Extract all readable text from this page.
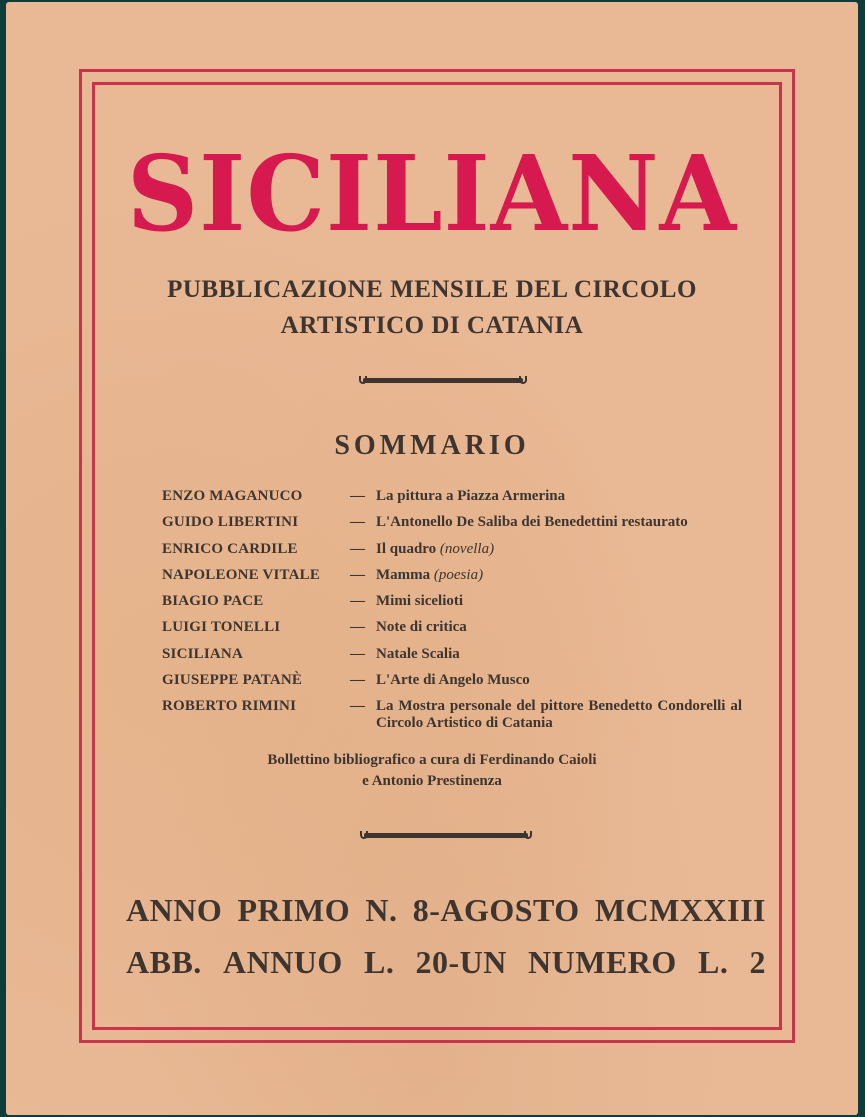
SICILIANA
PUBBLICAZIONE MENSILE DEL CIRCOLO
ARTISTICO DI CATANIA
SOMMARIO
ENZO MAGANUCO	— La pittura a Piazza Armerina
GUIDO LIBERTINI	— L'Antonello De Saliba dei Benedettini restaurato
ENRICO CARDILE	— Il quadro (novella)
NAPOLEONE VITALE	— Mamma (poesia)
BIAGIO PACE	— Mimi sicelioti
LUIGI TONELLI	— Note di critica
SICILIANA	— Natale Scalia
GIUSEPPE PATANÈ	— L'Arte di Angelo Musco
ROBERTO RIMINI	— La Mostra personale del pittore Benedetto Condorelli al Circolo Artistico di Catania
Bollettino bibliografico a cura di Ferdinando Caioli
e Antonio Prestinenza
ANNO PRIMO N. 8-AGOSTO MCMXXIII
ABB. ANNUO L. 20-UN NUMERO L. 2
